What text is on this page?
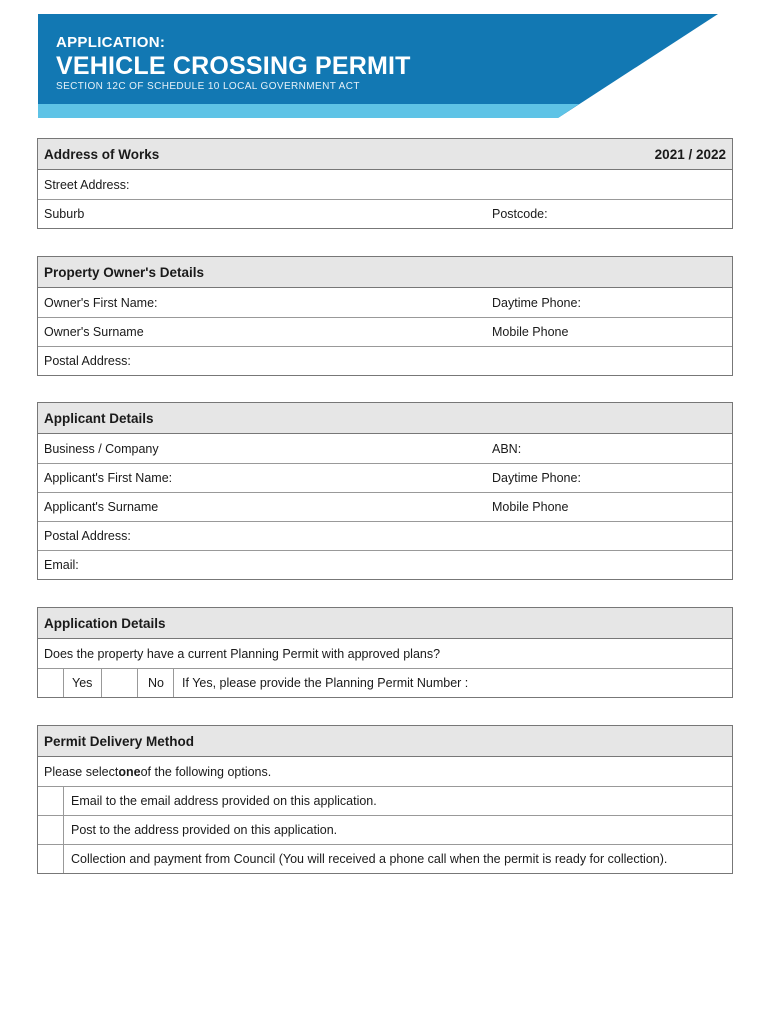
APPLICATION:
VEHICLE CROSSING PERMIT
SECTION 12C OF SCHEDULE 10 LOCAL GOVERNMENT ACT
MANNINGHAM
Address of Works	2021 / 2022
Street Address:
Suburb	Postcode:
Property Owner's Details
Owner's First Name:	Daytime Phone:
Owner's Surname	Mobile Phone
Postal Address:
Applicant Details
Business / Company	ABN:
Applicant's First Name:	Daytime Phone:
Applicant's Surname	Mobile Phone
Postal Address:
Email:
Application Details
Does the property have a current Planning Permit with approved plans?
Yes	No If Yes, please provide the Planning Permit Number :
Permit Delivery Method
Please select one of the following options.
Email to the email address provided on this application.
Post to the address provided on this application.
Collection and payment from Council (You will received a phone call when the permit is ready for collection).
